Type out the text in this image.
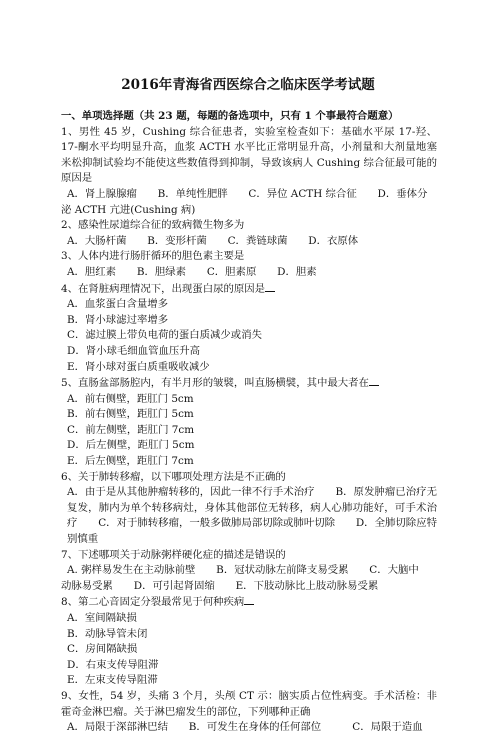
2016年青海省西医综合之临床医学考试题
一、单项选择题（共 23 题，每题的备选项中，只有 1 个事最符合题意）
1、男性 45 岁，Cushing 综合征患者，实验室检查如下：基础水平尿 17-羟、17-酮水平均明显升高，血浆 ACTH 水平比正常明显升高，小剂量和大剂量地塞米松抑制试验均不能使这些数值得到抑制，导致该病人 Cushing 综合征最可能的原因是
A．肾上腺腺瘤　　B．单纯性肥胖　　C．异位 ACTH 综合征　　D．垂体分
泌 ACTH 亢进(Cushing 病)
2、感染性尿道综合征的致病微生物多为
A．大肠杆菌　　B．变形杆菌　　C．粪链球菌　　D．衣原体
3、人体内进行肠肝循环的胆色素主要是
A．胆红素　　B．胆绿素　　C．胆素原　　D．胆素
4、在肾脏病理情况下，出现蛋白尿的原因是
A．血浆蛋白含量增多
B．肾小球滤过率增多
C．滤过膜上带负电荷的蛋白质减少或消失
D．肾小球毛细血管血压升高
E．肾小球对蛋白质重吸收减少
5、直肠盆部肠腔内，有半月形的皱襞，叫直肠横襞，其中最大者在
A．前右侧壁，距肛门 5cm
B．前右侧壁，距肛门 5cm
C．前左侧壁，距肛门 7cm
D．后左侧壁，距肛门 5cm
E．后左侧壁，距肛门 7cm
6、关于肺转移瘤，以下哪项处理方法是不正确的
A．由于是从其他肿瘤转移的，因此一律不行手术治疗　　B．原发肿瘤已治疗无复发，肺内为单个转移病灶，身体其他部位无转移，病人心肺功能好，可手术治疗　　C．对于肺转移瘤，一般多做肺局部切除或肺叶切除　　D．全肺切除应特别慎重
7、下述哪项关于动脉粥样硬化症的描述是错误的
A. 粥样易发生在主动脉前壁　　B．冠状动脉左前降支易受累　　C．大脑中
动脉易受累　　D．可引起肾固缩　　E．下肢动脉比上肢动脉易受累
8、第二心音固定分裂最常见于何种疾病
A．室间隔缺损
B．动脉导管未闭
C．房间隔缺损
D．右束支传导阻滞
E．左束支传导阻滞
9、女性，54 岁，头痛 3 个月，头颅 CT 示：脑实质占位性病变。手术活检：非霍奇金淋巴瘤。关于淋巴瘤发生的部位，下列哪种正确
A．局限于深部淋巴结　　B．可发生在身体的任何部位　　　C．局限于造血
